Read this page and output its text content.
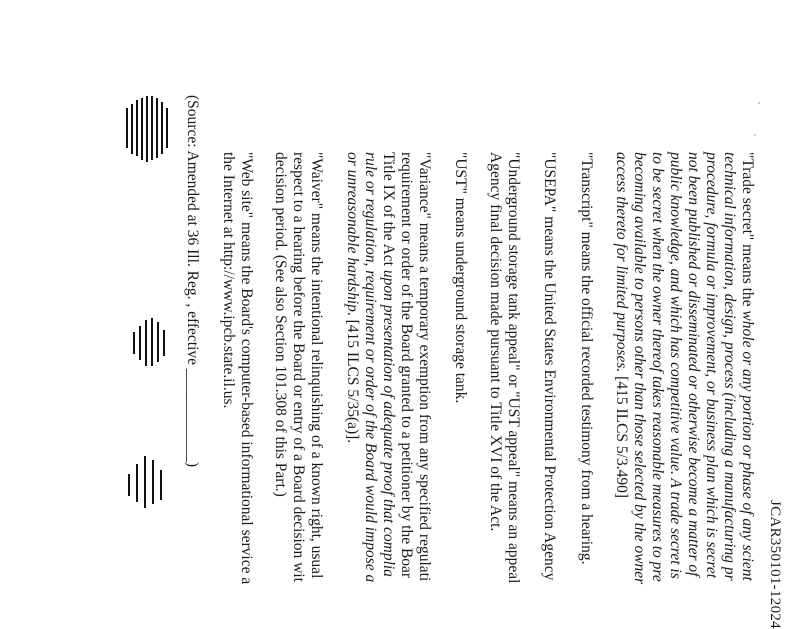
JCAR350101-12024

"Trade secret" means the whole or any portion or phase of any scient

technical information, design, process (including a manufacturing pr

procedure, formula or improvement, or business plan which is secret

not been published or disseminated or otherwise become a matter of

public knowledge, and which has competitive value. A trade secret is

to be secret when the owner thereof takes reasonable measures to pre

becoming available to persons other than those selected by the owner

access thereto for limited purposes. [415 ILCS 5/3.490]

"Transcript" means the official recorded testimony from a hearing.

"USEPA" means the United States Environmental Protection Agency

"Underground storage tank appeal" or "UST appeal" means an appeal

Agency final decision made pursuant to Title XVI of the Act.

"UST" means underground storage tank.

"Variance" means a temporary exemption from any specified regulati

requirement or order of the Board granted to a petitioner by the Boar

Title IX of the Act upon presentation of adequate proof that complia

rule or regulation, requirement or order of the Board would impose a

or unreasonable hardship. [415 ILCS 5/35(a)].

"Waiver" means the intentional relinquishing of a known right, usual

respect to a hearing before the Board or entry of a Board decision wit

decision period. (See also Section 101.308 of this Part.)

"Web site" means the Board's computer-based informational service a

the Internet at http://www.ipcb.state.il.us.

(Source: Amended at 36 Ill. Reg. , effective ____________)
